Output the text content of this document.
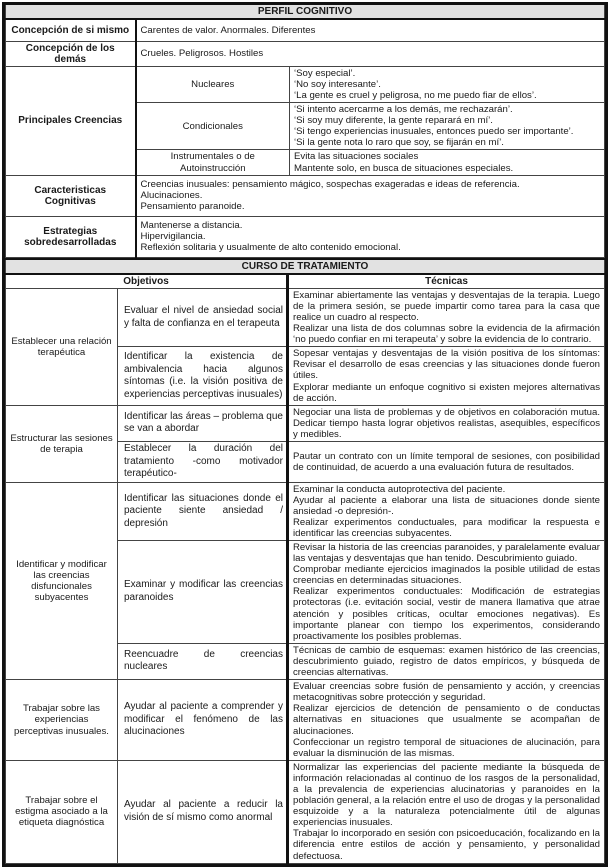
PERFIL COGNITIVO		
Concepción de si mismo	Carentes de valor. Anormales. Diferentes	
Concepción de los demás	Crueles. Peligrosos. Hostiles	
Principales Creencias	Nucleares	‘Soy especial’.
‘No soy interesante’.
‘La gente es cruel y peligrosa, no me puedo fiar de ellos’.

	Condicionales	‘Si intento acercarme a los demás, me rechazarán’.
‘Si soy muy diferente, la gente reparará en mí’.
‘Si tengo experiencias inusuales, entonces puedo ser importante’.
‘Si la gente nota lo raro que soy, se fijarán en mí’.

	Instrumentales o de Autoinstrucción	Evita las situaciones sociales
Mantente solo, en busca de situaciones especiales.

Caracteristicas Cognitivas	Creencias inusuales: pensamiento mágico, sospechas exageradas e ideas de referencia.
Alucinaciones.
Pensamiento paranoide.	

Estrategias sobredesarrolladas	Mantenerse a distancia.
Hipervigilancia.
Reflexión solitaria y usualmente de alto contenido emocional.	
CURSO DE TRATAMIENTO		
Objetivos		Técnicas
Establecer una relación terapéutica	Evaluar el nivel de ansiedad social y falta de confianza en el terapeuta	Examinar abiertamente las ventajas y desventajas de la terapia. Luego de la primera sesión, se puede impartir como tarea para la casa que realice un cuadro al respecto.
Realizar una lista de dos columnas sobre la evidencia de la afirmación ‘no puedo confiar en mi terapeuta’ y sobre la evidencia de lo contrario.

	Identificar la existencia de ambivalencia hacia algunos síntomas (i.e. la visión positiva de experiencias perceptivas inusuales)	Sopesar ventajas y desventajas de la visión positiva de los síntomas: Revisar el desarrollo de esas creencias y las situaciones donde fueron útiles.
Explorar mediante un enfoque cognitivo si existen mejores alternativas de acción.

Estructurar las sesiones de terapia	Identificar las áreas – problema que se van a abordar	Negociar una lista de problemas y de objetivos en colaboración mutua. Dedicar tiempo hasta lograr objetivos realistas, asequibles, específicos y medibles.

	Establecer la duración del tratamiento -como motivador terapéutico-	Pautar un contrato con un límite temporal de sesiones, con posibilidad de continuidad, de acuerdo a una evaluación futura de resultados.

Identificar y modificar las creencias disfuncionales subyacentes	Identificar las situaciones donde el paciente siente ansiedad / depresión	Examinar la conducta autoprotectiva del paciente.
Ayudar al paciente a elaborar una lista de situaciones donde siente ansiedad -o depresión-.
Realizar experimentos conductuales, para modificar la respuesta e identificar las creencias subyacentes.

	Examinar y modificar las creencias paranoides	Revisar la historia de las creencias paranoides, y paralelamente evaluar las ventajas y desventajas que han tenido. Descubrimiento guiado.
Comprobar mediante ejercicios imaginados la posible utilidad de estas creencias en determinadas situaciones.
Realizar experimentos conductuales: Modificación de estrategias protectoras (i.e. evitación social, vestir de manera llamativa que atrae atención y posibles críticas, ocultar emociones negativas). Es importante planear con tiempo los experimentos, considerando proactivamente los posibles problemas.

	Reencuadre de creencias nucleares	Técnicas de cambio de esquemas: examen histórico de las creencias, descubrimiento guiado, registro de datos empíricos, y búsqueda de creencias alternativas.

Trabajar sobre las experiencias perceptivas inusuales.	Ayudar al paciente a comprender y modificar el fenómeno de las alucinaciones	Evaluar creencias sobre fusión de pensamiento y acción, y creencias metacognitivas sobre protección y seguridad.
Realizar ejercicios de detención de pensamiento o de conductas alternativas en situaciones que usualmente se acompañan de alucinaciones.
Confeccionar un registro temporal de situaciones de alucinación, para evaluar la disminución de las mismas.

Trabajar sobre el estigma asociado a la etiqueta diagnóstica	Ayudar al paciente a reducir la visión de sí mismo como anormal	Normalizar las experiencias del paciente mediante la búsqueda de información relacionadas al continuo de los rasgos de la personalidad, a la prevalencia de experiencias alucinatorias y paranoides en la población general, a la relación entre el uso de drogas y la personalidad esquizoide y a la naturaleza potencialmente útil de algunas experiencias inusuales.
Trabajar lo incorporado en sesión con psicoeducación, focalizando en la diferencia entre estilos de acción y pensamiento, y personalidad defectuosa.
